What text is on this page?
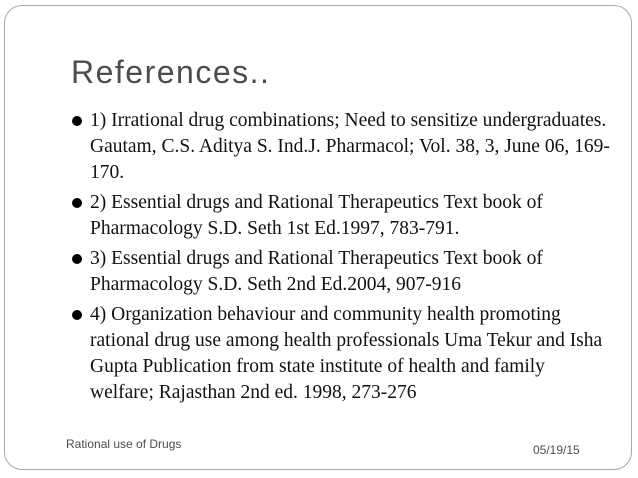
References..
1) Irrational drug combinations; Need to sensitize undergraduates. Gautam, C.S. Aditya S. Ind.J. Pharmacol; Vol. 38, 3, June 06, 169-170.
2) Essential drugs and Rational Therapeutics Text book of Pharmacology S.D. Seth 1st Ed.1997, 783-791.
3) Essential drugs and Rational Therapeutics Text book of Pharmacology S.D. Seth 2nd Ed.2004, 907-916
4) Organization behaviour and community health promoting rational drug use among health professionals Uma Tekur and Isha Gupta Publication from state institute of health and family welfare; Rajasthan 2nd ed. 1998, 273-276
Rational use of Drugs	05/19/15
